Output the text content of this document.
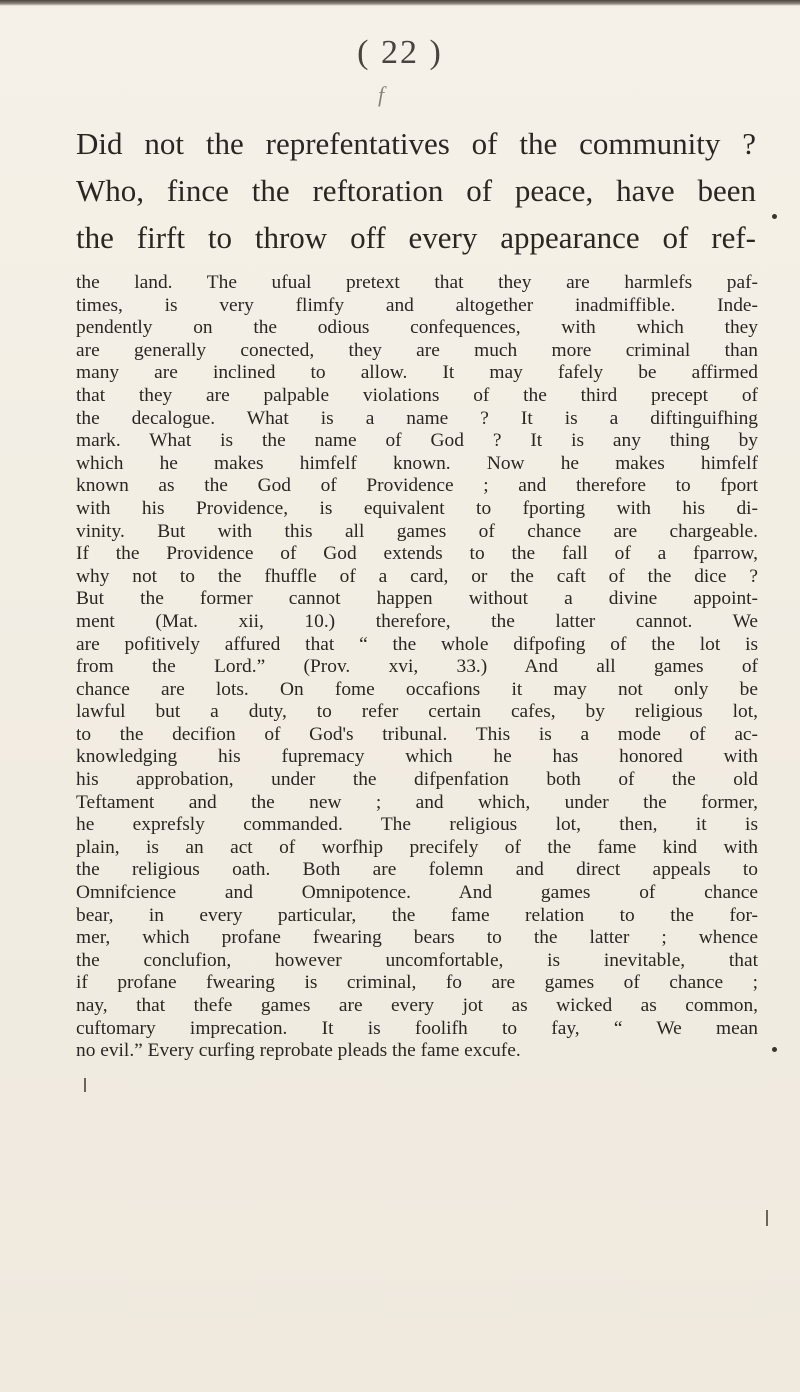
( 22 )
f
Did not the reprefentatives of the community ?
Who, fince the reftoration of peace, have been
the firft to throw off every appearance of ref-
the land. The ufual pretext that they are harmlefs paf-
times, is very flimfy and altogether inadmiffible. Inde-
pendently on the odious confequences, with which they
are generally conected, they are much more criminal than
many are inclined to allow. It may fafely be affirmed
that they are palpable violations of the third precept of
the decalogue. What is a name ? It is a diftinguifhing
mark. What is the name of God ? It is any thing by
which he makes himfelf known. Now he makes himfelf
known as the God of Providence ; and therefore to fport
with his Providence, is equivalent to fporting with his di-
vinity. But with this all games of chance are chargeable.
If the Providence of God extends to the fall of a fparrow,
why not to the fhuffle of a card, or the caft of the dice ?
But the former cannot happen without a divine appoint-
ment (Mat. xii, 10.) therefore, the latter cannot. We
are pofitively affured that “ the whole difpofing of the lot is
from the Lord.” (Prov. xvi, 33.) And all games of
chance are lots. On fome occafions it may not only be
lawful but a duty, to refer certain cafes, by religious lot,
to the decifion of God's tribunal. This is a mode of ac-
knowledging his fupremacy which he has honored with
his approbation, under the difpenfation both of the old
Teftament and the new ; and which, under the former,
he exprefsly commanded. The religious lot, then, it is
plain, is an act of worfhip precifely of the fame kind with
the religious oath. Both are folemn and direct appeals to
Omnifcience and Omnipotence. And games of chance
bear, in every particular, the fame relation to the for-
mer, which profane fwearing bears to the latter ; whence
the conclufion, however uncomfortable, is inevitable, that
if profane fwearing is criminal, fo are games of chance ;
nay, that thefe games are every jot as wicked as common,
cuftomary imprecation. It is foolifh to fay, “ We mean
no evil.” Every curfing reprobate pleads the fame excufe.
